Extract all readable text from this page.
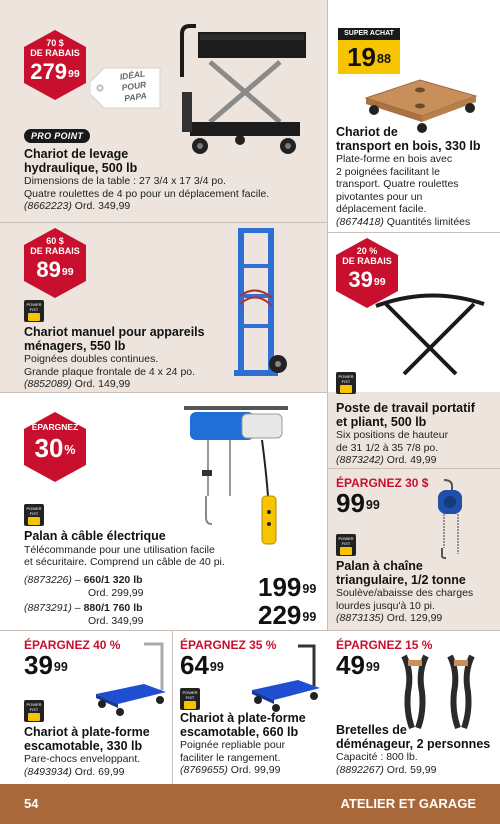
70 $
DE RABAIS
$279^{99}$	IDÉAL
POUR
PAPA
PRO POINT
Chariot de levage
hydraulique, 500 lb
Dimensions de la table : 27 3/4 x 17 3/4 po.
Quatre roulettes de 4 po pour un déplacement facile.
(8662223) Ord. 349,99
SUPER ACHAT
$19^{88}$
Chariot de
transport en bois, 330 lb
Plate-forme en bois avec
2 poignées facilitant le
transport. Quatre roulettes
pivotantes pour un
déplacement facile.
(8674418) Quantités limitées
60 $
DE RABAIS
$89^{99}$
POWER FIST
Chariot manuel pour appareils
ménagers, 550 lb
Poignées doubles continues.
Grande plaque frontale de 4 x 24 po.
(8852089) Ord. 149,99
20 %
DE RABAIS
$39^{99}$
POWER FIST
Poste de travail portatif
et pliant, 500 lb
Six positions de hauteur
de 31 1/2 à 35 7/8 po.
(8873242) Ord. 49,99
ÉPARGNEZ
30%
POWER FIST
Palan à câble électrique
Télécommande pour une utilisation facile
et sécuritaire. Comprend un câble de 40 pi.
(8873226) – 660/1 320 lb
Ord. 299,99	$199^{99}$
(8873291) – 880/1 760 lb
Ord. 349,99	$229^{99}$
ÉPARGNEZ 30 $
$99^{99}$
POWER FIST
Palan à chaîne
triangulaire, 1/2 tonne
Soulève/abaisse des charges
lourdes jusqu'à 10 pi.
(8873135) Ord. 129,99
ÉPARGNEZ 40 %
$39^{99}$
POWER FIST
Chariot à plate-forme
escamotable, 330 lb
Pare-chocs enveloppant.
(8493934) Ord. 69,99
ÉPARGNEZ 35 %
$64^{99}$
POWER FIST
Chariot à plate-forme
escamotable, 660 lb
Poignée repliable pour
faciliter le rangement.
(8769655) Ord. 99,99
ÉPARGNEZ 15 %
$49^{99}$
Bretelles de
déménageur, 2 personnes
Capacité : 800 lb.
(8892267) Ord. 59,99
54	ATELIER ET GARAGE
